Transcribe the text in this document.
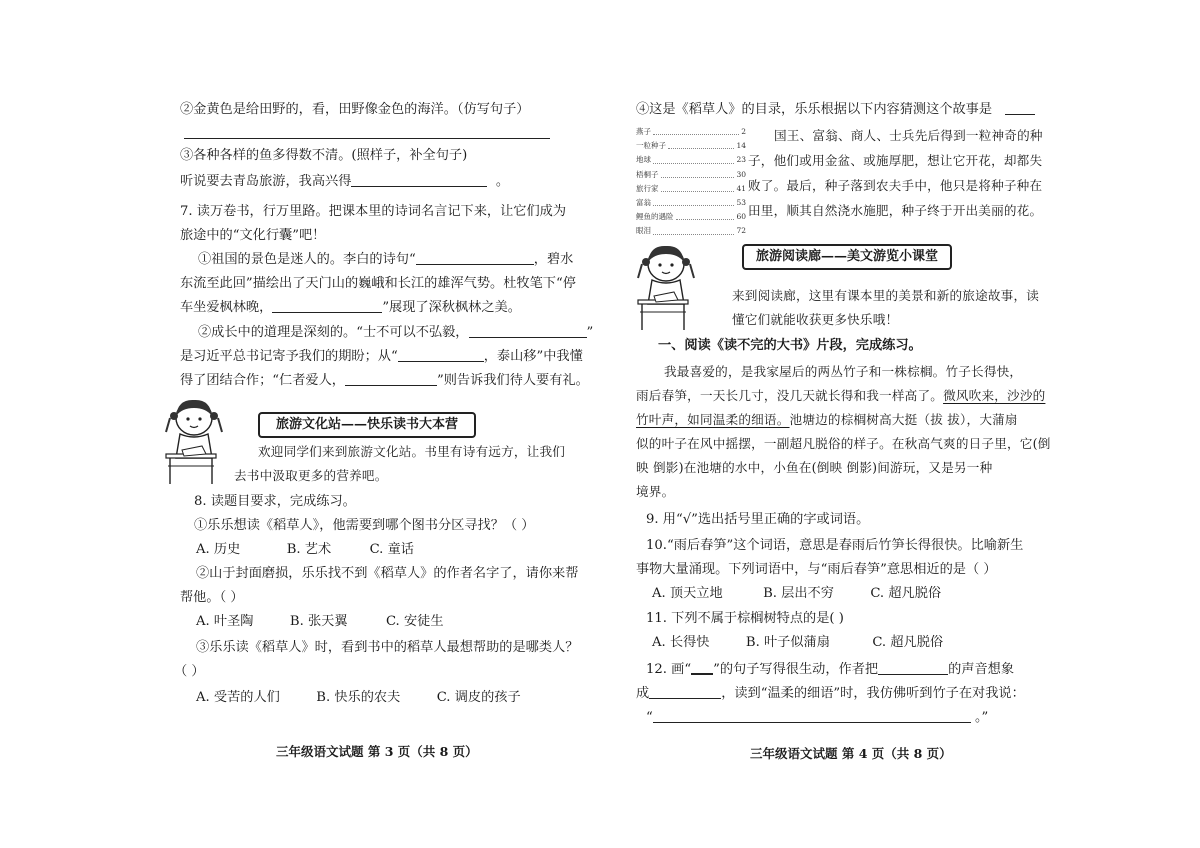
②金黄色是给田野的，看，田野像金色的海洋。（仿写句子）
③各种各样的鱼多得数不清。(照样子，补全句子)
听说要去青岛旅游，我高兴得	。
7. 读万卷书，行万里路。把课本里的诗词名言记下来，让它们成为
旅途中的“文化行囊”吧！
①祖国的景色是迷人的。李白的诗句“	，碧水
东流至此回”描绘出了天门山的巍峨和长江的雄浑气势。杜牧笔下“停
车坐爱枫林晚，	”展现了深秋枫林之美。
②成长中的道理是深刻的。“士不可以不弘毅，	”
是习近平总书记寄予我们的期盼；从“	，泰山移”中我懂
得了团结合作；“仁者爱人，	”则告诉我们待人要有礼。
旅游文化站——快乐读书大本营
欢迎同学们来到旅游文化站。书里有诗有远方，让我们
去书中汲取更多的营养吧。
8. 读题目要求，完成练习。
①乐乐想读《稻草人》，他需要到哪个图书分区寻找？（ ）
A. 历史	B. 艺术	C. 童话
②山于封面磨损，乐乐找不到《稻草人》的作者名字了，请你来帮
帮他。（ ）
A. 叶圣陶	B. 张天翼	C. 安徒生
③乐乐读《稻草人》时，看到书中的稻草人最想帮助的是哪类人？
（ ）
A. 受苦的人们	B. 快乐的农夫	C. 调皮的孩子
三年级语文试题 第 3 页（共 8 页）
④这是《稻草人》的目录，乐乐根据以下内容猜测这个故事是
燕子	2
一粒种子	14
地球	23
梧桐子	30
旅行家	41
富翁	53
鲤鱼的遇险	60
眼泪	72
国王、富翁、商人、士兵先后得到一粒神奇的种
子，他们或用金盆、或施厚肥，想让它开花，却都失
败了。最后，种子落到农夫手中，他只是将种子种在
田里，顺其自然浇水施肥，种子终于开出美丽的花。
旅游阅读廊——美文游览小课堂
来到阅读廊，这里有课本里的美景和新的旅途故事，读
懂它们就能收获更多快乐哦！
一、阅读《读不完的大书》片段，完成练习。
我最喜爱的，是我家屋后的两丛竹子和一株棕榈。竹子长得快，
雨后春笋，一天长几寸，没几天就长得和我一样高了。微风吹来，沙沙的
竹叶声，如同温柔的细语。池塘边的棕榈树高大挺（拔 拔），大蒲扇
似的叶子在风中摇摆，一副超凡脱俗的样子。在秋高气爽的日子里，它(倒
映 倒影)在池塘的水中，小鱼在(倒映 倒影)间游玩，又是另一种
境界。
9. 用“√”选出括号里正确的字或词语。
10.“雨后春笋”这个词语，意思是春雨后竹笋长得很快。比喻新生
事物大量涌现。下列词语中，与“雨后春笋”意思相近的是（ ）
A. 顶天立地	B. 层出不穷	C. 超凡脱俗
11. 下列不属于棕榈树特点的是( )
A. 长得快	B. 叶子似蒲扇	C. 超凡脱俗
12. 画“ ”的句子写得很生动，作者把	的声音想象
成	，读到“温柔的细语”时，我仿佛听到竹子在对我说：
“	。”
三年级语文试题 第 4 页（共 8 页）
